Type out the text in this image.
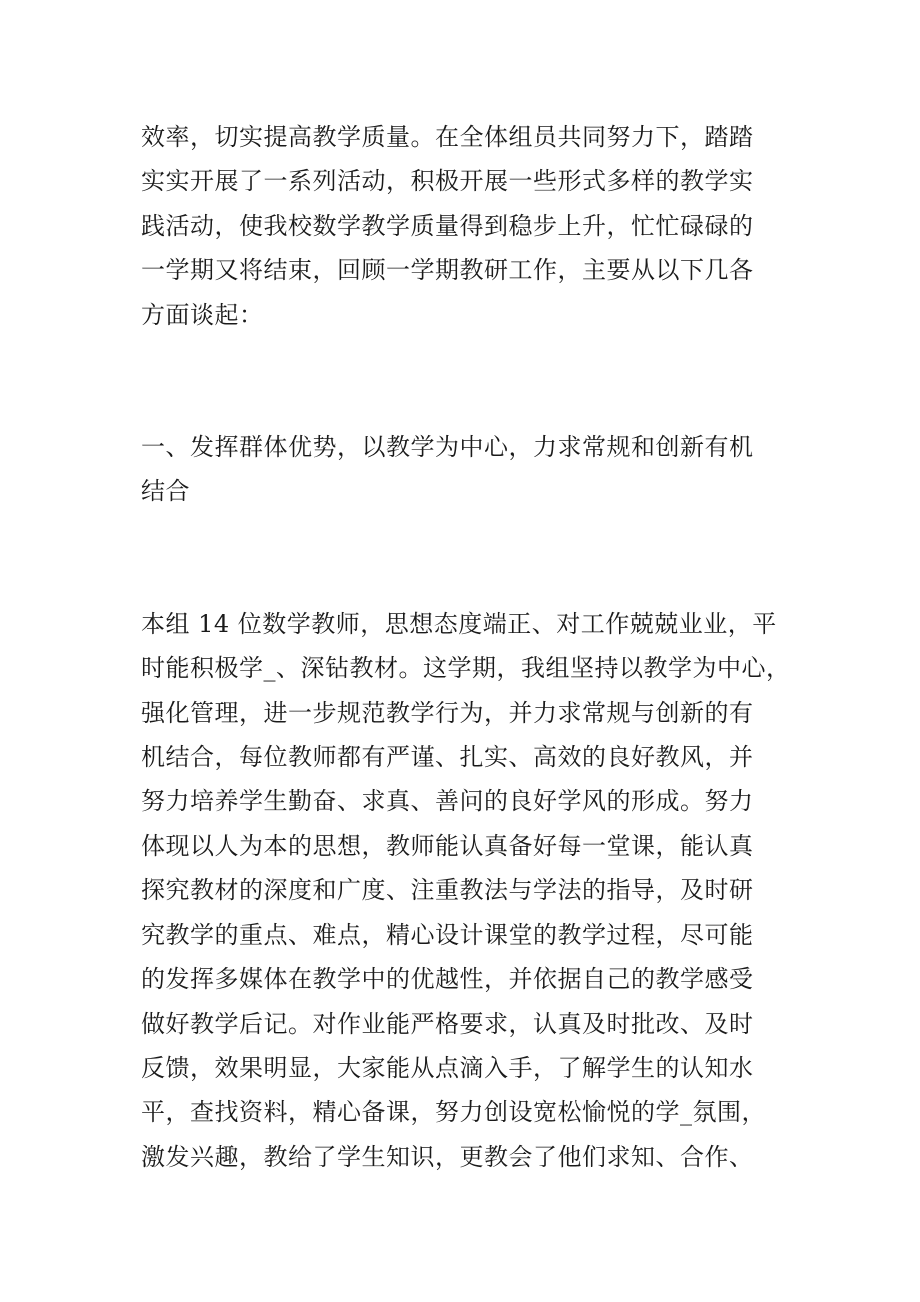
效率，切实提高教学质量。在全体组员共同努力下，踏踏
实实开展了一系列活动，积极开展一些形式多样的教学实
践活动，使我校数学教学质量得到稳步上升，忙忙碌碌的
一学期又将结束，回顾一学期教研工作，主要从以下几各
方面谈起：
一、发挥群体优势，以教学为中心，力求常规和创新有机
结合
本组 14 位数学教师，思想态度端正、对工作兢兢业业，平
时能积极学_、深钻教材。这学期，我组坚持以教学为中心，
强化管理，进一步规范教学行为，并力求常规与创新的有
机结合，每位教师都有严谨、扎实、高效的良好教风，并
努力培养学生勤奋、求真、善问的良好学风的形成。努力
体现以人为本的思想，教师能认真备好每一堂课，能认真
探究教材的深度和广度、注重教法与学法的指导，及时研
究教学的重点、难点，精心设计课堂的教学过程，尽可能
的发挥多媒体在教学中的优越性，并依据自己的教学感受
做好教学后记。对作业能严格要求，认真及时批改、及时
反馈，效果明显，大家能从点滴入手，了解学生的认知水
平，查找资料，精心备课，努力创设宽松愉悦的学_氛围，
激发兴趣，教给了学生知识，更教会了他们求知、合作、
